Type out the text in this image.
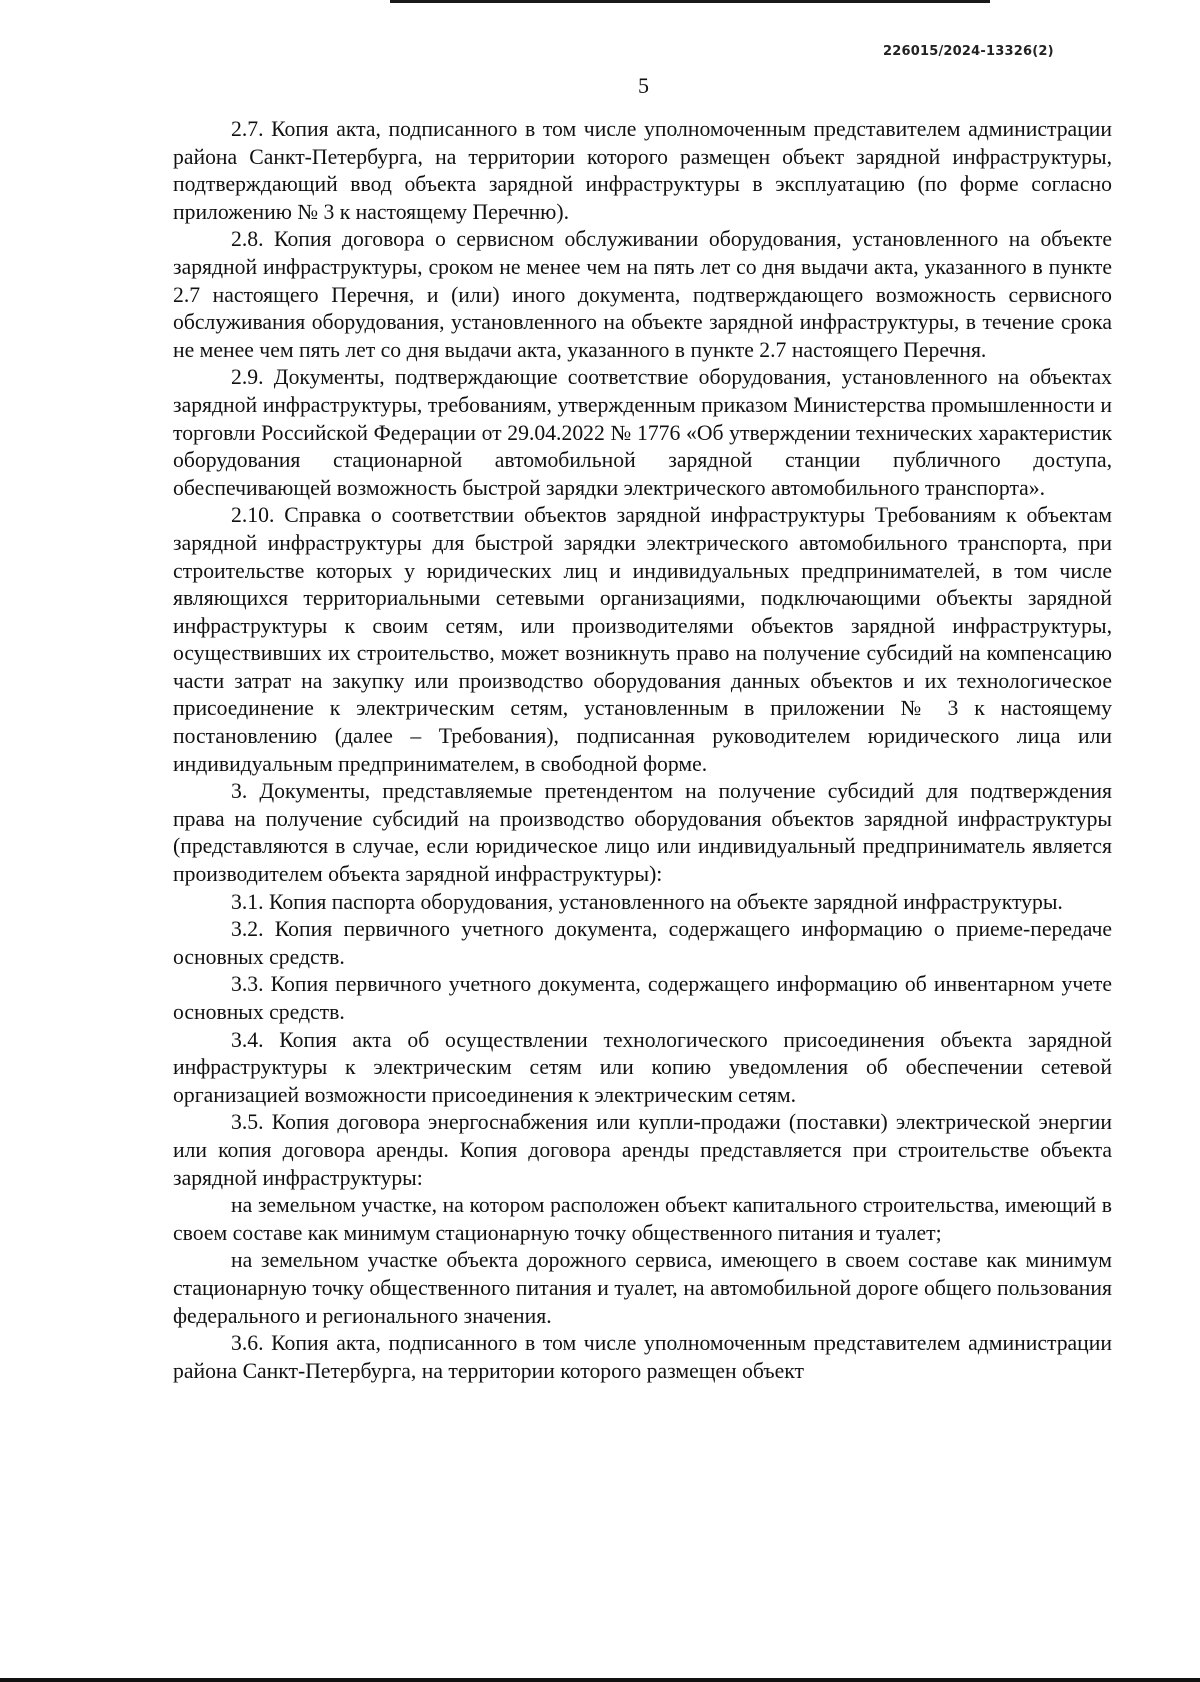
226015/2024-13326(2)
5

2.7. Копия акта, подписанного в том числе уполномоченным представителем администрации района Санкт-Петербурга, на территории которого размещен объект зарядной инфраструктуры, подтверждающий ввод объекта зарядной инфраструктуры в эксплуатацию (по форме согласно приложению № 3 к настоящему Перечню).

2.8. Копия договора о сервисном обслуживании оборудования, установленного на объекте зарядной инфраструктуры, сроком не менее чем на пять лет со дня выдачи акта, указанного в пункте 2.7 настоящего Перечня, и (или) иного документа, подтверждающего возможность сервисного обслуживания оборудования, установленного на объекте зарядной инфраструктуры, в течение срока не менее чем пять лет со дня выдачи акта, указанного в пункте 2.7 настоящего Перечня.

2.9. Документы, подтверждающие соответствие оборудования, установленного на объектах зарядной инфраструктуры, требованиям, утвержденным приказом Министерства промышленности и торговли Российской Федерации от 29.04.2022 № 1776 «Об утверждении технических характеристик оборудования стационарной автомобильной зарядной станции публичного доступа, обеспечивающей возможность быстрой зарядки электрического автомобильного транспорта».

2.10. Справка о соответствии объектов зарядной инфраструктуры Требованиям к объектам зарядной инфраструктуры для быстрой зарядки электрического автомобильного транспорта, при строительстве которых у юридических лиц и индивидуальных предпринимателей, в том числе являющихся территориальными сетевыми организациями, подключающими объекты зарядной инфраструктуры к своим сетям, или производителями объектов зарядной инфраструктуры, осуществивших их строительство, может возникнуть право на получение субсидий на компенсацию части затрат на закупку или производство оборудования данных объектов и их технологическое присоединение к электрическим сетям, установленным в приложении № 3 к настоящему постановлению (далее – Требования), подписанная руководителем юридического лица или индивидуальным предпринимателем, в свободной форме.

3. Документы, представляемые претендентом на получение субсидий для подтверждения права на получение субсидий на производство оборудования объектов зарядной инфраструктуры (представляются в случае, если юридическое лицо или индивидуальный предприниматель является производителем объекта зарядной инфраструктуры):

3.1. Копия паспорта оборудования, установленного на объекте зарядной инфраструктуры.

3.2. Копия первичного учетного документа, содержащего информацию о приеме-передаче основных средств.

3.3. Копия первичного учетного документа, содержащего информацию об инвентарном учете основных средств.

3.4. Копия акта об осуществлении технологического присоединения объекта зарядной инфраструктуры к электрическим сетям или копию уведомления об обеспечении сетевой организацией возможности присоединения к электрическим сетям.

3.5. Копия договора энергоснабжения или купли-продажи (поставки) электрической энергии или копия договора аренды. Копия договора аренды представляется при строительстве объекта зарядной инфраструктуры:

на земельном участке, на котором расположен объект капитального строительства, имеющий в своем составе как минимум стационарную точку общественного питания и туалет;

на земельном участке объекта дорожного сервиса, имеющего в своем составе как минимум стационарную точку общественного питания и туалет, на автомобильной дороге общего пользования федерального и регионального значения.

3.6. Копия акта, подписанного в том числе уполномоченным представителем администрации района Санкт-Петербурга, на территории которого размещен объект
